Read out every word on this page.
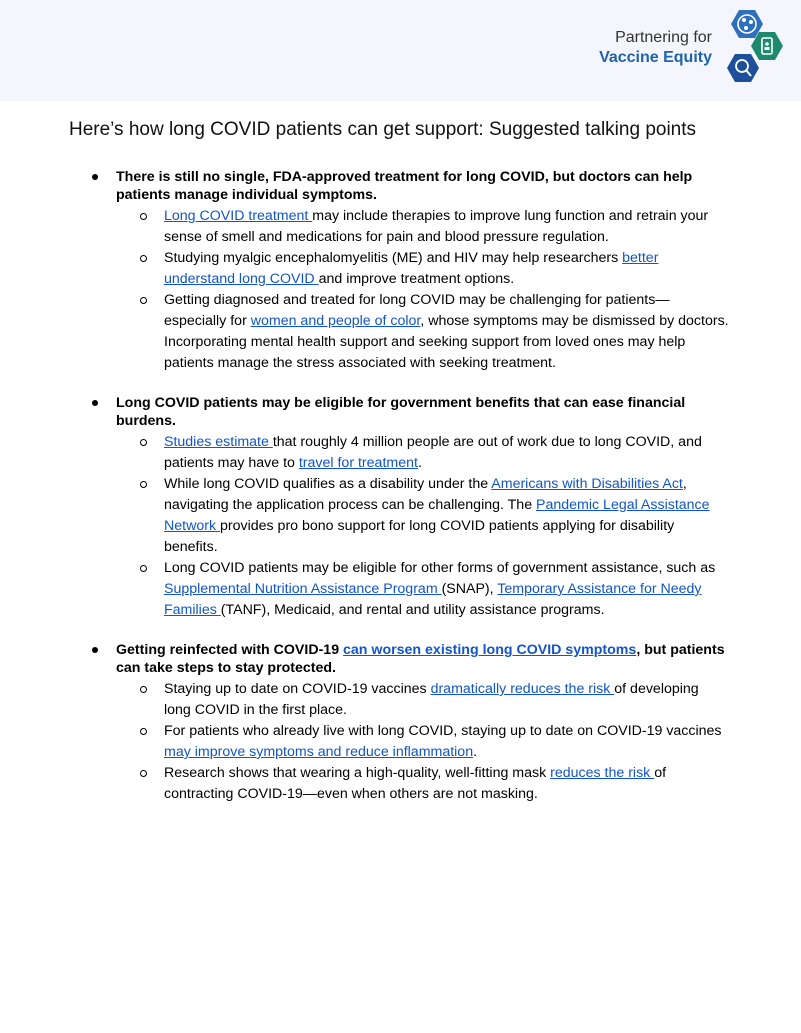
Partnering for
Vaccine Equity
Here’s how long COVID patients can get support: Suggested talking points

There is still no single, FDA-approved treatment for long COVID, but doctors can help patients manage individual symptoms.

Long COVID treatment may include therapies to improve lung function and retrain your sense of smell and medications for pain and blood pressure regulation.
Studying myalgic encephalomyelitis (ME) and HIV may help researchers better understand long COVID and improve treatment options.
Getting diagnosed and treated for long COVID may be challenging for patients—especially for women and people of color, whose symptoms may be dismissed by doctors. Incorporating mental health support and seeking support from loved ones may help patients manage the stress associated with seeking treatment.

Long COVID patients may be eligible for government benefits that can ease financial burdens.

Studies estimate that roughly 4 million people are out of work due to long COVID, and patients may have to travel for treatment.
While long COVID qualifies as a disability under the Americans with Disabilities Act, navigating the application process can be challenging. The Pandemic Legal Assistance Network provides pro bono support for long COVID patients applying for disability benefits.
Long COVID patients may be eligible for other forms of government assistance, such as Supplemental Nutrition Assistance Program (SNAP), Temporary Assistance for Needy Families (TANF), Medicaid, and rental and utility assistance programs.

Getting reinfected with COVID-19 can worsen existing long COVID symptoms, but patients can take steps to stay protected.

Staying up to date on COVID-19 vaccines dramatically reduces the risk of developing long COVID in the first place.
For patients who already live with long COVID, staying up to date on COVID-19 vaccines may improve symptoms and reduce inflammation.
Research shows that wearing a high-quality, well-fitting mask reduces the risk of contracting COVID-19—even when others are not masking.
